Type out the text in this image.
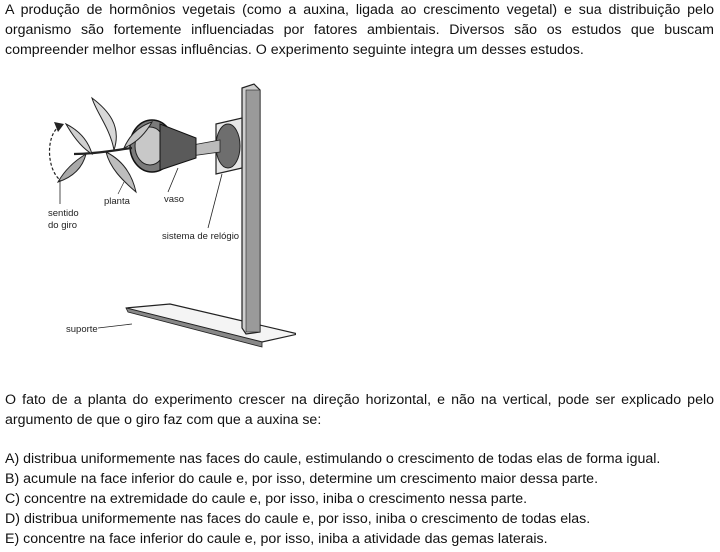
A produção de hormônios vegetais (como a auxina, ligada ao crescimento vegetal) e sua distribuição pelo organismo são fortemente influenciadas por fatores ambientais. Diversos são os estudos que buscam compreender melhor essas influências. O experimento seguinte integra um desses estudos.

planta	vaso
sentido
do giro
sistema de relógio
suporte

O fato de a planta do experimento crescer na direção horizontal, e não na vertical, pode ser explicado pelo argumento de que o giro faz com que a auxina se:

A) distribua uniformemente nas faces do caule, estimulando o crescimento de todas elas de forma igual.
B) acumule na face inferior do caule e, por isso, determine um crescimento maior dessa parte.
C) concentre na extremidade do caule e, por isso, iniba o crescimento nessa parte.
D) distribua uniformemente nas faces do caule e, por isso, iniba o crescimento de todas elas.
E) concentre na face inferior do caule e, por isso, iniba a atividade das gemas laterais.
